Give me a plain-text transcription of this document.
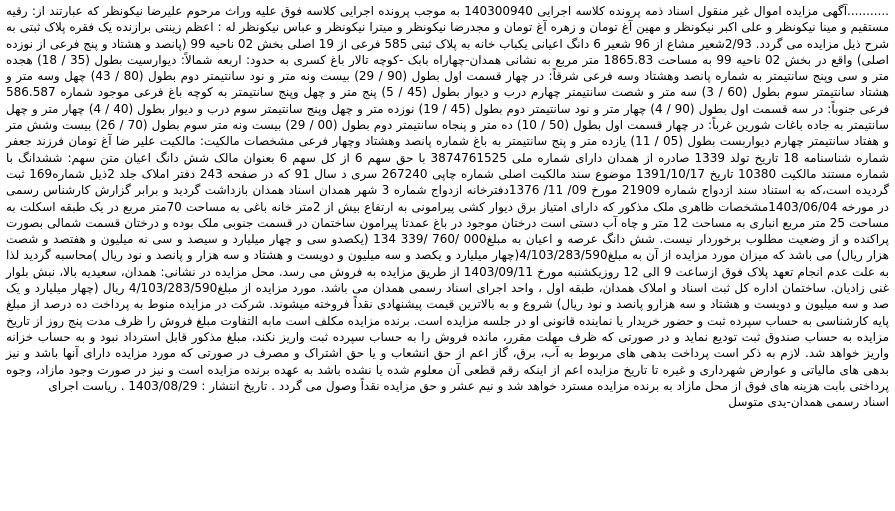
...........آگهی مزایده اموال غیر منقول اسناد ذمه پرونده کلاسه اجرایی 140300940 به موجب پرونده اجرایی کلاسه فوق علیه وراث مرحوم علیرضا نیکونظر که عبارتند از: رقیه مستقیم و مینا نیکونظر و علی اکبر نیکونظر و مهین آغ تومان و زهره آغ تومان و مجدرضا نیکونظر و میترا نیکونظر و عباس نیکونظر له : اعظم زینتی برازنده یک فقره پلاک ثبتی به شرح ذیل مزایده می گردد. 2/93شعیر مشاع از 96 شعیر 6 دانگ اعیانی یکباب خانه به پلاک ثبتی 585 فرعی از 19 اصلی بخش 02 ناحیه 99 (پانصد و هشتاد و پنج فرعی از نوزده اصلی) واقع در بخش 02 ناحیه 99 به مساحت 1865.83 متر مربع به نشانی همدان-چهاراه بابک -کوچه تالار باغ کسری به حدود: اربعه شمالاً: دیوارسیت بطول (35 / 18) هجده متر و سی وپنج سانتیمتر به شماره پانصد وهشتاد وسه فرعی شرقاً: در چهار قسمت اول بطول (90 / 29) بیست ونه متر و نود سانتیمتر دوم بطول (80 / 43) چهل وسه متر و هشتاد سانتیمتر سوم بطول (60 / 3) سه متر و شصت سانتیمتر چهارم درب و دیوار بطول (45 / 5) پنج متر و چهل وپنج سانتیمتر به کوچه باغ فرعی موجود شماره 586.587 فرعی جنوباً: در سه قسمت اول بطول (90 / 4) چهار متر و نود سانتیمتر دوم بطول (45 / 19) نوزده متر و چهل وپنج سانتیمتر سوم درب و دیوار بطول (40 / 4) چهار متر و چهل سانتیمتر به جاده باغات شورین غرباً: در چهار قسمت اول بطول (50 / 10) ده متر و پنجاه سانتیمتر دوم بطول (00 / 29) بیست ونه متر سوم بطول (70 / 26) بیست وشش متر و هفتاد سانتیمتر چهارم دیواربست بطول (05 / 11) یازده متر و پنج سانتیمتر به باغ شماره پانصد وهشتاد وچهار فرعی مشخصات مالکیت: مالکیت علیر ضا آغ تومان فرزند جعفر شماره شناسنامه 18 تاریخ تولد 1339 صادره از همدان دارای شماره ملی 3874761525 با حق سهم 6 از کل سهم 6 بعنوان مالک شش دانگ اعیان متن سهم: ششدانگ با شماره مستند مالکیت 10380 تاریخ 1391/10/17 موضوع سند مالکیت اصلی شماره چاپی 267240 سری د سال 91 که در صفحه 243 دفتر املاک جلد 2ذیل شماره169 ثبت گردیده است،که به استناد سند ازدواج شماره 21909 مورخ 09/ 11/ 1376دفترخانه ازدواج شماره 3 شهر همدان اسناد همدان بازداشت گردید و برابر گزارش کارشناس رسمی در مورخه 1403/06/04مشخصات ظاهری ملک مذکور که دارای امتیاز برق دیوار کشی پیرامونی به ارتفاع بیش از 2متر خانه باغی به مساحت 70متر مربع در یک طبقه اسکلت به مساحت 25 متر مربع انباری به مساحت 12 متر و چاه آب دستی است درختان موجود در باغ عمدتا پیرامون ساختمان در قسمت جنوبی ملک بوده و درختان قسمت شمالی بصورت پراکنده و از وضعیت مطلوب برخوردار نیست. شش دانگ عرصه و اعیان به مبلغ000 /760 /339 134 (یکصدو سی و چهار میلیارد و سیصد و سی نه میلیون و هفتصد و شصت هزار ریال) می باشد که میزان مورد مزایده از آن به مبلغ4/103/283/590(چهار میلیارد و یکصد و سه میلیون و دویست و هشتاد و سه هزار و پانصد و نود ریال )محاسبه گردید لذا به علت عدم انجام تعهد پلاک فوق ازساعت 9 الی 12 روزیکشنبه مورخ 1403/09/11 از طریق مزایده به فروش می رسد. محل مزایده در نشانی: همدان، سعیدیه بالا، نبش بلوار غنی زادیان. ساختمان اداره کل ثبت اسناد و املاک همدان، طبقه اول ، واحد اجرای اسناد رسمی همدان می باشد. مورد مزایده از مبلغ4/103/283/590 ریال (چهار میلیارد و یک صد و سه میلیون و دویست و هشتاد و سه هزارو پانصد و نود ریال) شروع و به بالاترین قیمت پیشنهادی نقداً فروخته میشوند. شرکت در مزایده منوط به پرداخت ده درصد از مبلغ پایه کارشناسی به حساب سپرده ثبت و حضور خریدار یا نماینده قانونی او در جلسه مزایده است. برنده مزایده مکلف است مابه التفاوت مبلغ فروش را ظرف مدت پنج روز از تاریخ مزایده به حساب صندوق ثبت تودیع نماید و در صورتی که ظرف مهلت مقرر، مانده فروش را به حساب سپرده ثبت واریز نکند، مبلغ مذکور قابل استرداد نبود و به حساب خزانه واریز خواهد شد. لازم به ذکر است پرداخت بدهی های مربوط به آب، برق، گاز اعم از حق انشعاب و یا حق اشتراک و مصرف در صورتی که مورد مزایده دارای آنها باشد و نیز بدهی های مالیاتی و عوارض شهرداری و غیره تا تاریخ مزایده اعم از اینکه رقم قطعی آن معلوم شده یا نشده باشد به عهده برنده مزایده است و نیز در صورت وجود مازاد، وجوه پرداختی بابت هزینه های فوق از محل مازاد به برنده مزایده مسترد خواهد شد و نیم عشر و حق مزایده نقداً وصول می گردد . تاریخ انتشار : 1403/08/29 . ریاست اجرای

اسناد رسمی همدان-یدی متوسل
